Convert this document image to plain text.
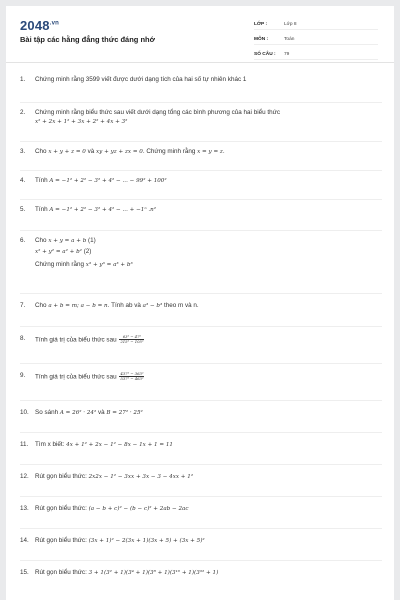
$2048^{.vn}$
Bài tập các hằng đẳng thức đáng nhớ
LỚP :	Lớp 8
MÔN :	Toán
SỐ CÂU :	79
1.	Chứng minh rằng 3599 viết được dưới dạng tích của hai số tự nhiên khác 1
2.	Chứng minh rằng biểu thức sau viết dưới dạng tổng các bình phương của hai biểu thức
x² + 2x + 1² + 3x + 2² + 4x + 3²
3.	Cho x + y + z = 0 và xy + yz + zx = 0. Chứng minh rằng x = y = z.
4.	Tính A = −1² + 2² − 3² + 4² − ... − 99² + 100²
5.	Tính A = −1² + 2² − 3² + 4² − ... + −1ⁿ .n²
6.	Cho x + y = a + b (1)
x² + y² = a² + b² (2)
Chứng minh rằng x³ + y³ = a³ + b³
7.	Cho a + b = m; a − b = n. Tính ab và a³ − b³ theo m và n.
8.	Tính giá trị của biểu thức sau $\frac{\text{63² − 47²}}{\text{215² − 105²}}$
9.	Tính giá trị của biểu thức sau $\frac{\text{437² − 363²}}{\text{537² − 463²}}$
10. So sánh A = 26² · 24² và B = 27² · 25²
11.	Tìm x biết: 4x + 1² + 2x − 1² − 8x − 1x + 1 = 11
12. Rút gọn biểu thức: 2x2x − 1² − 3xx + 3x − 3 − 4xx + 1²
13. Rút gọn biểu thức: (a − b + c)² − (b − c)² + 2ab − 2ac
14. Rút gọn biểu thức: (3x + 1)² − 2(3x + 1)(3x + 5) + (3x + 5)²
15. Rút gọn biểu thức: 3 + 1(3² + 1)(3⁴ + 1)(3⁸ + 1)(3¹⁶ + 1)(3³² + 1)
